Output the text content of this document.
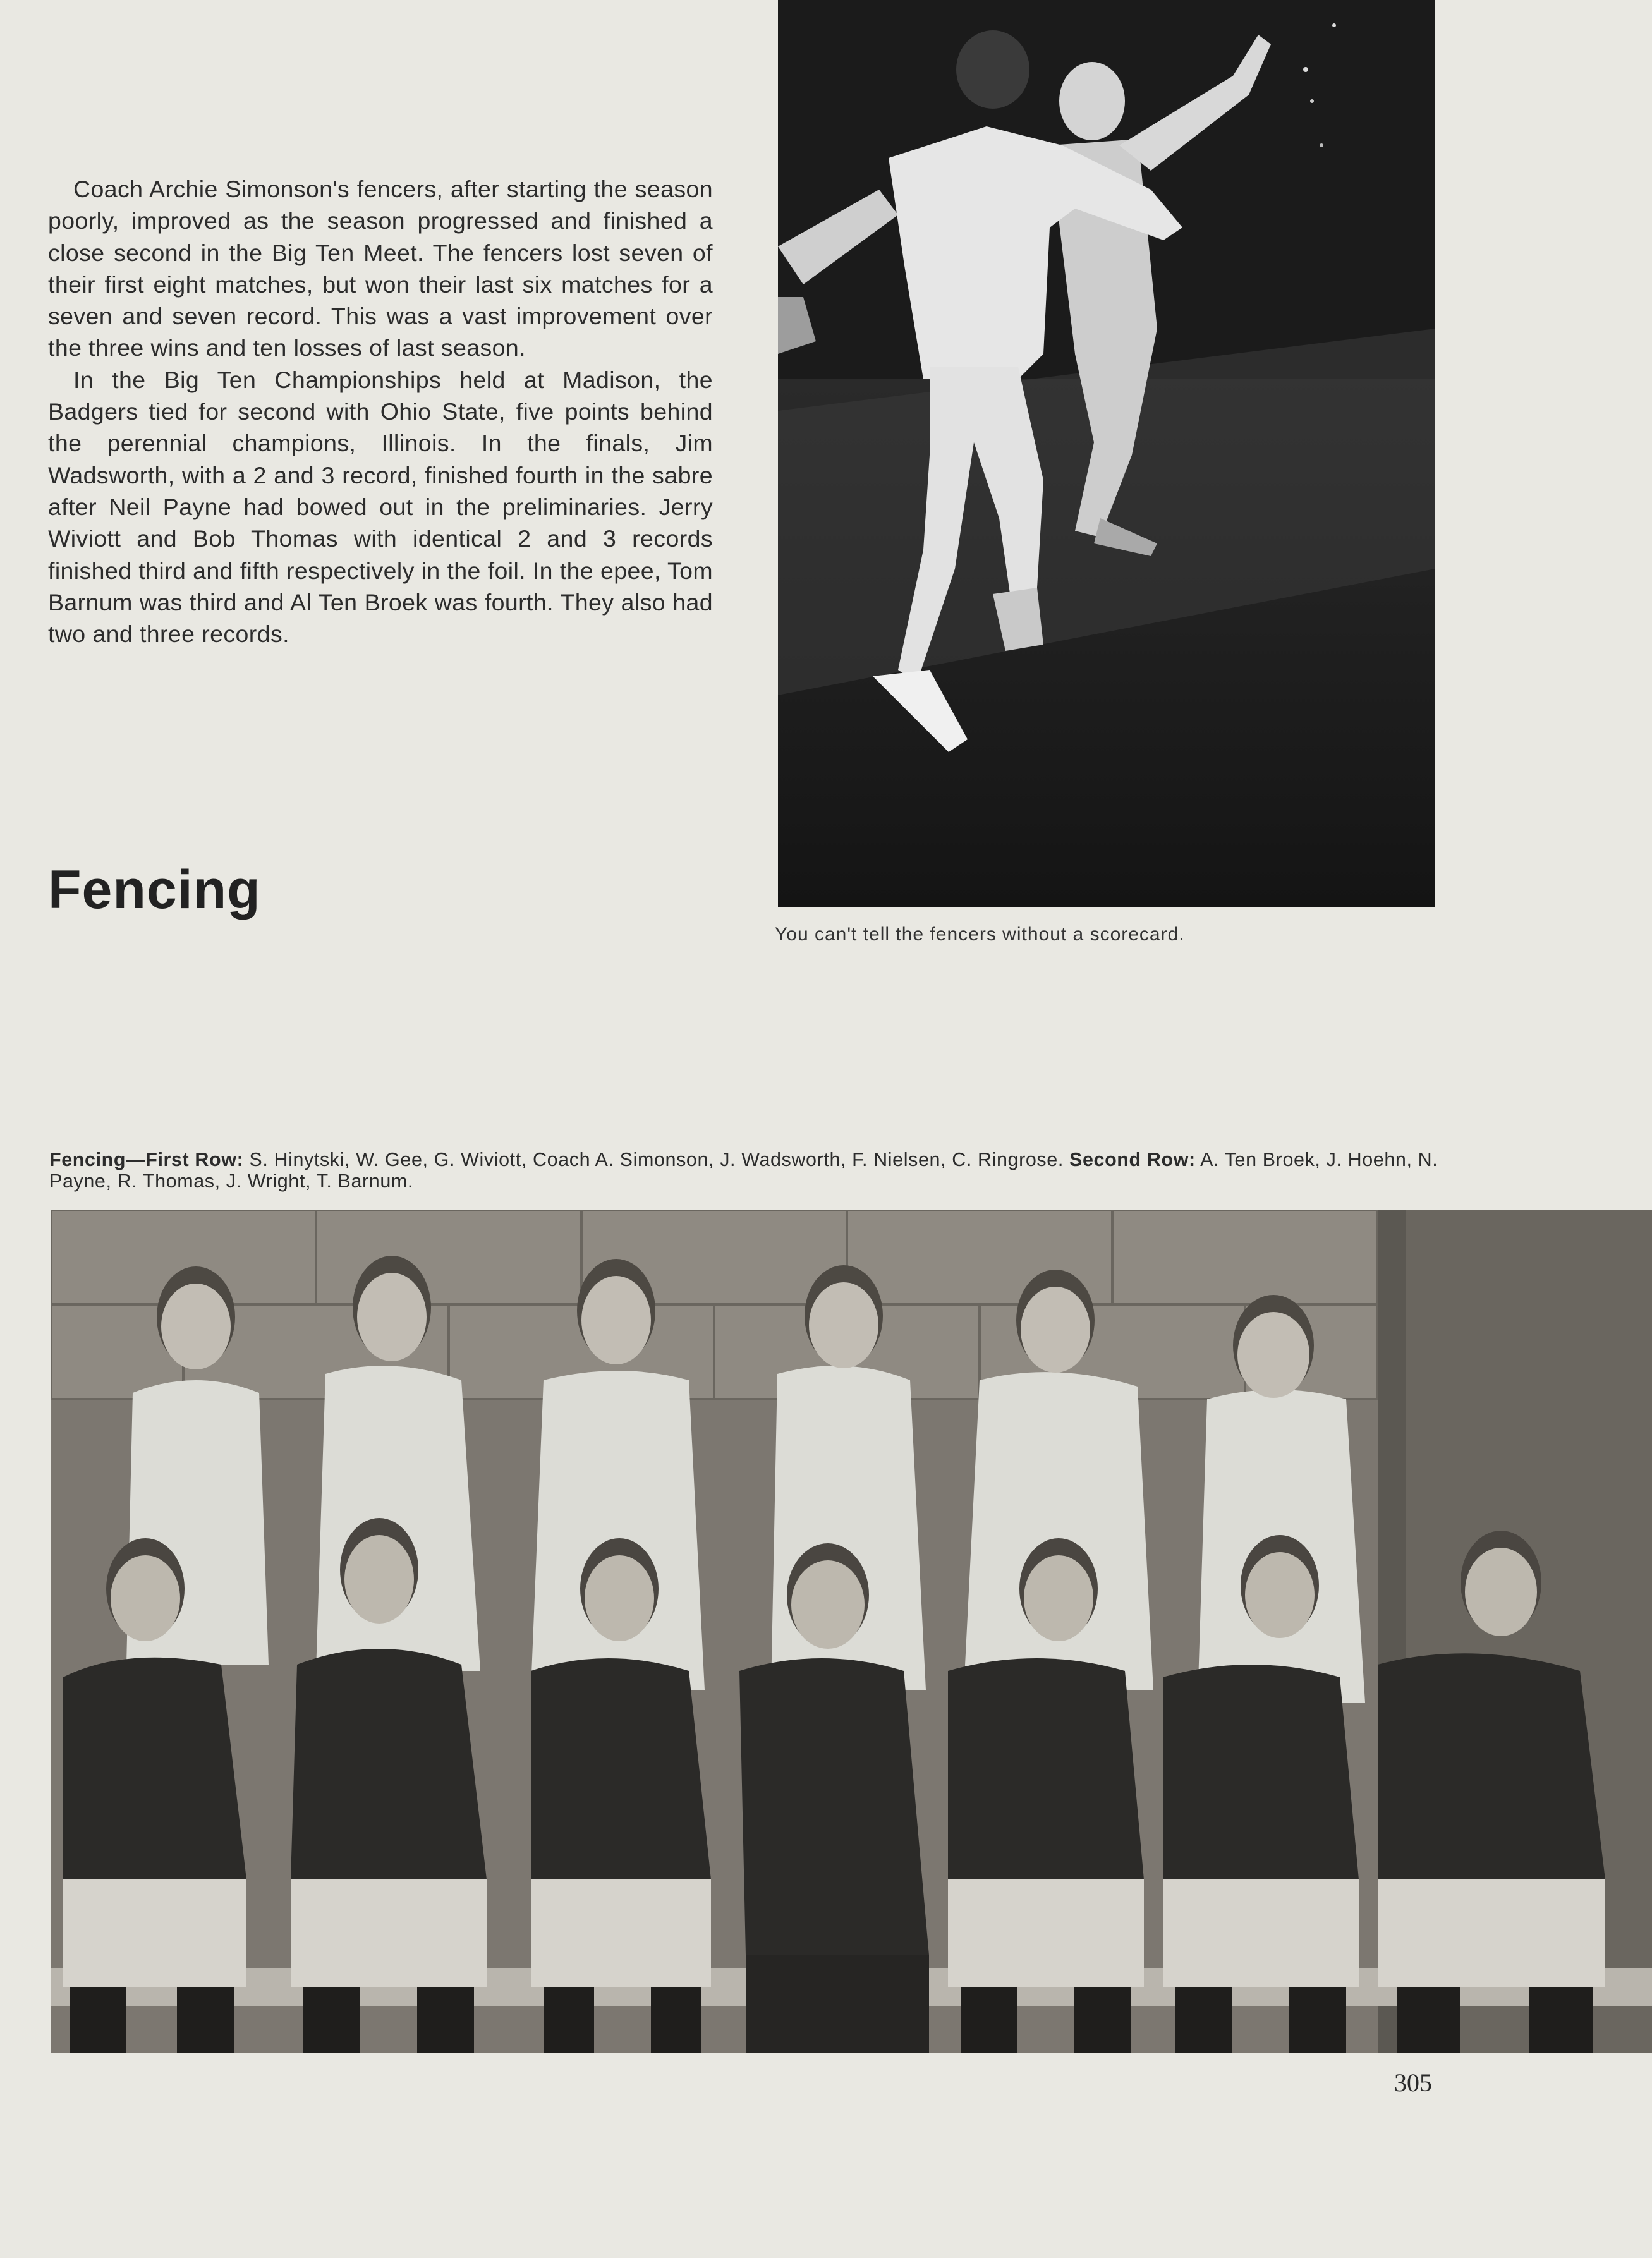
Coach Archie Simonson's fencers, after starting the season poorly, improved as the season progressed and finished a close second in the Big Ten Meet. The fencers lost seven of their first eight matches, but won their last six matches for a seven and seven record. This was a vast improvement over the three wins and ten losses of last season.

In the Big Ten Championships held at Madison, the Badgers tied for second with Ohio State, five points behind the perennial champions, Illinois. In the finals, Jim Wadsworth, with a 2 and 3 record, finished fourth in the sabre after Neil Payne had bowed out in the preliminaries. Jerry Wiviott and Bob Thomas with identical 2 and 3 records finished third and fifth respectively in the foil. In the epee, Tom Barnum was third and Al Ten Broek was fourth. They also had two and three records.

Fencing
You can't tell the fencers without a scorecard.
Fencing—First Row: S. Hinytski, W. Gee, G. Wiviott, Coach A. Simonson, J. Wadsworth, F. Nielsen, C. Ringrose. Second Row: A. Ten Broek, J. Hoehn, N. Payne, R. Thomas, J. Wright, T. Barnum.
305
